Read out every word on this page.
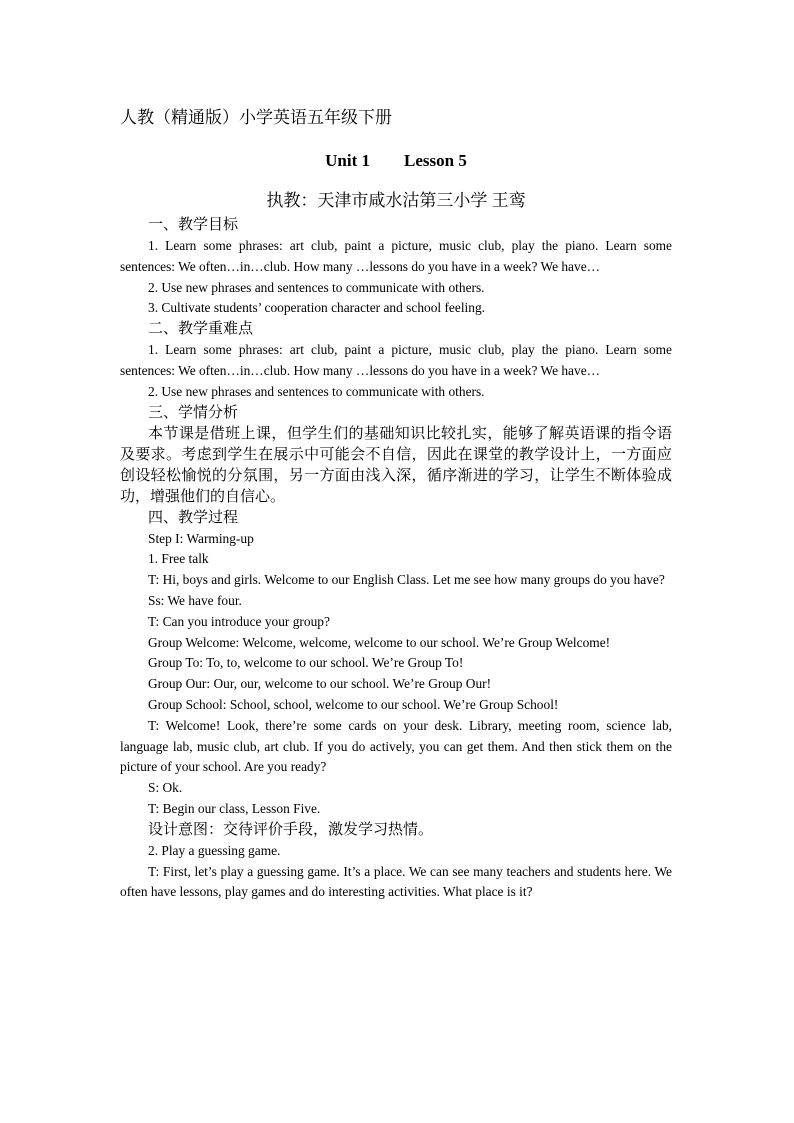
人教（精通版）小学英语五年级下册

Unit 1 Lesson 5

执教：天津市咸水沽第三小学 王鸾

一、教学目标

1. Learn some phrases: art club, paint a picture, music club, play the piano. Learn some sentences: We often…in…club. How many …lessons do you have in a week? We have…

2. Use new phrases and sentences to communicate with others.

3. Cultivate students’ cooperation character and school feeling.

二、教学重难点

1. Learn some phrases: art club, paint a picture, music club, play the piano. Learn some sentences: We often…in…club. How many …lessons do you have in a week? We have…

2. Use new phrases and sentences to communicate with others.

三、学情分析

本节课是借班上课，但学生们的基础知识比较扎实，能够了解英语课的指令语及要求。考虑到学生在展示中可能会不自信，因此在课堂的教学设计上，一方面应创设轻松愉悦的分氛围，另一方面由浅入深，循序渐进的学习，让学生不断体验成功，增强他们的自信心。

四、教学过程

Step I: Warming-up

1. Free talk

T: Hi, boys and girls. Welcome to our English Class. Let me see how many groups do you have?

Ss: We have four.

T: Can you introduce your group?

Group Welcome: Welcome, welcome, welcome to our school. We’re Group Welcome!

Group To: To, to, welcome to our school. We’re Group To!

Group Our: Our, our, welcome to our school. We’re Group Our!

Group School: School, school, welcome to our school. We’re Group School!

T: Welcome! Look, there’re some cards on your desk. Library, meeting room, science lab, language lab, music club, art club. If you do actively, you can get them. And then stick them on the picture of your school. Are you ready?

S: Ok.

T: Begin our class, Lesson Five.

设计意图：交待评价手段，激发学习热情。

2. Play a guessing game.

T: First, let’s play a guessing game. It’s a place. We can see many teachers and students here. We often have lessons, play games and do interesting activities. What place is it?
